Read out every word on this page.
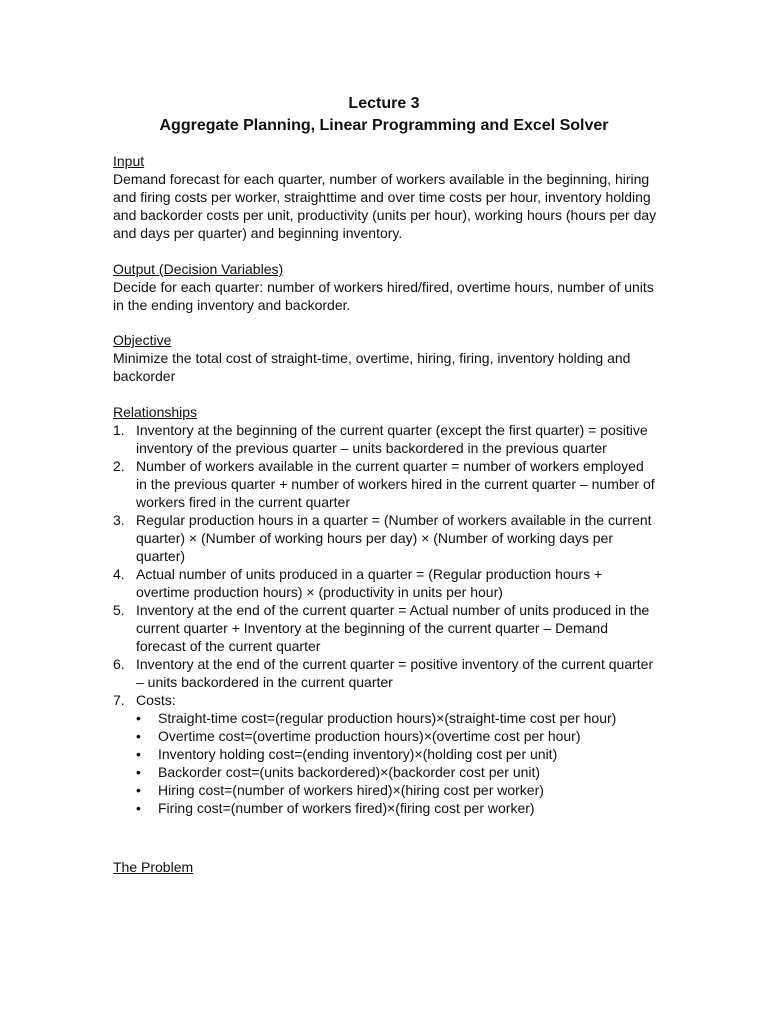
Lecture 3
Aggregate Planning, Linear Programming and Excel Solver
Input

Demand forecast for each quarter, number of workers available in the beginning, hiring and firing costs per worker, straighttime and over time costs per hour, inventory holding and backorder costs per unit, productivity (units per hour), working hours (hours per day and days per quarter) and beginning inventory.

Output (Decision Variables)

Decide for each quarter: number of workers hired/fired, overtime hours, number of units in the ending inventory and backorder.

Objective

Minimize the total cost of straight-time, overtime, hiring, firing, inventory holding and backorder

Relationships
1. Inventory at the beginning of the current quarter (except the first quarter) = positive inventory of the previous quarter – units backordered in the previous quarter
2. Number of workers available in the current quarter = number of workers employed in the previous quarter + number of workers hired in the current quarter – number of workers fired in the current quarter
3. Regular production hours in a quarter = (Number of workers available in the current quarter) × (Number of working hours per day) × (Number of working days per quarter)
4. Actual number of units produced in a quarter = (Regular production hours + overtime production hours) × (productivity in units per hour)
5. Inventory at the end of the current quarter = Actual number of units produced in the current quarter + Inventory at the beginning of the current quarter – Demand forecast of the current quarter
6. Inventory at the end of the current quarter = positive inventory of the current quarter – units backordered in the current quarter
7. Costs:
• Straight-time cost=(regular production hours)×(straight-time cost per hour)
• Overtime cost=(overtime production hours)×(overtime cost per hour)
• Inventory holding cost=(ending inventory)×(holding cost per unit)
• Backorder cost=(units backordered)×(backorder cost per unit)
• Hiring cost=(number of workers hired)×(hiring cost per worker)
• Firing cost=(number of workers fired)×(firing cost per worker)
The Problem
